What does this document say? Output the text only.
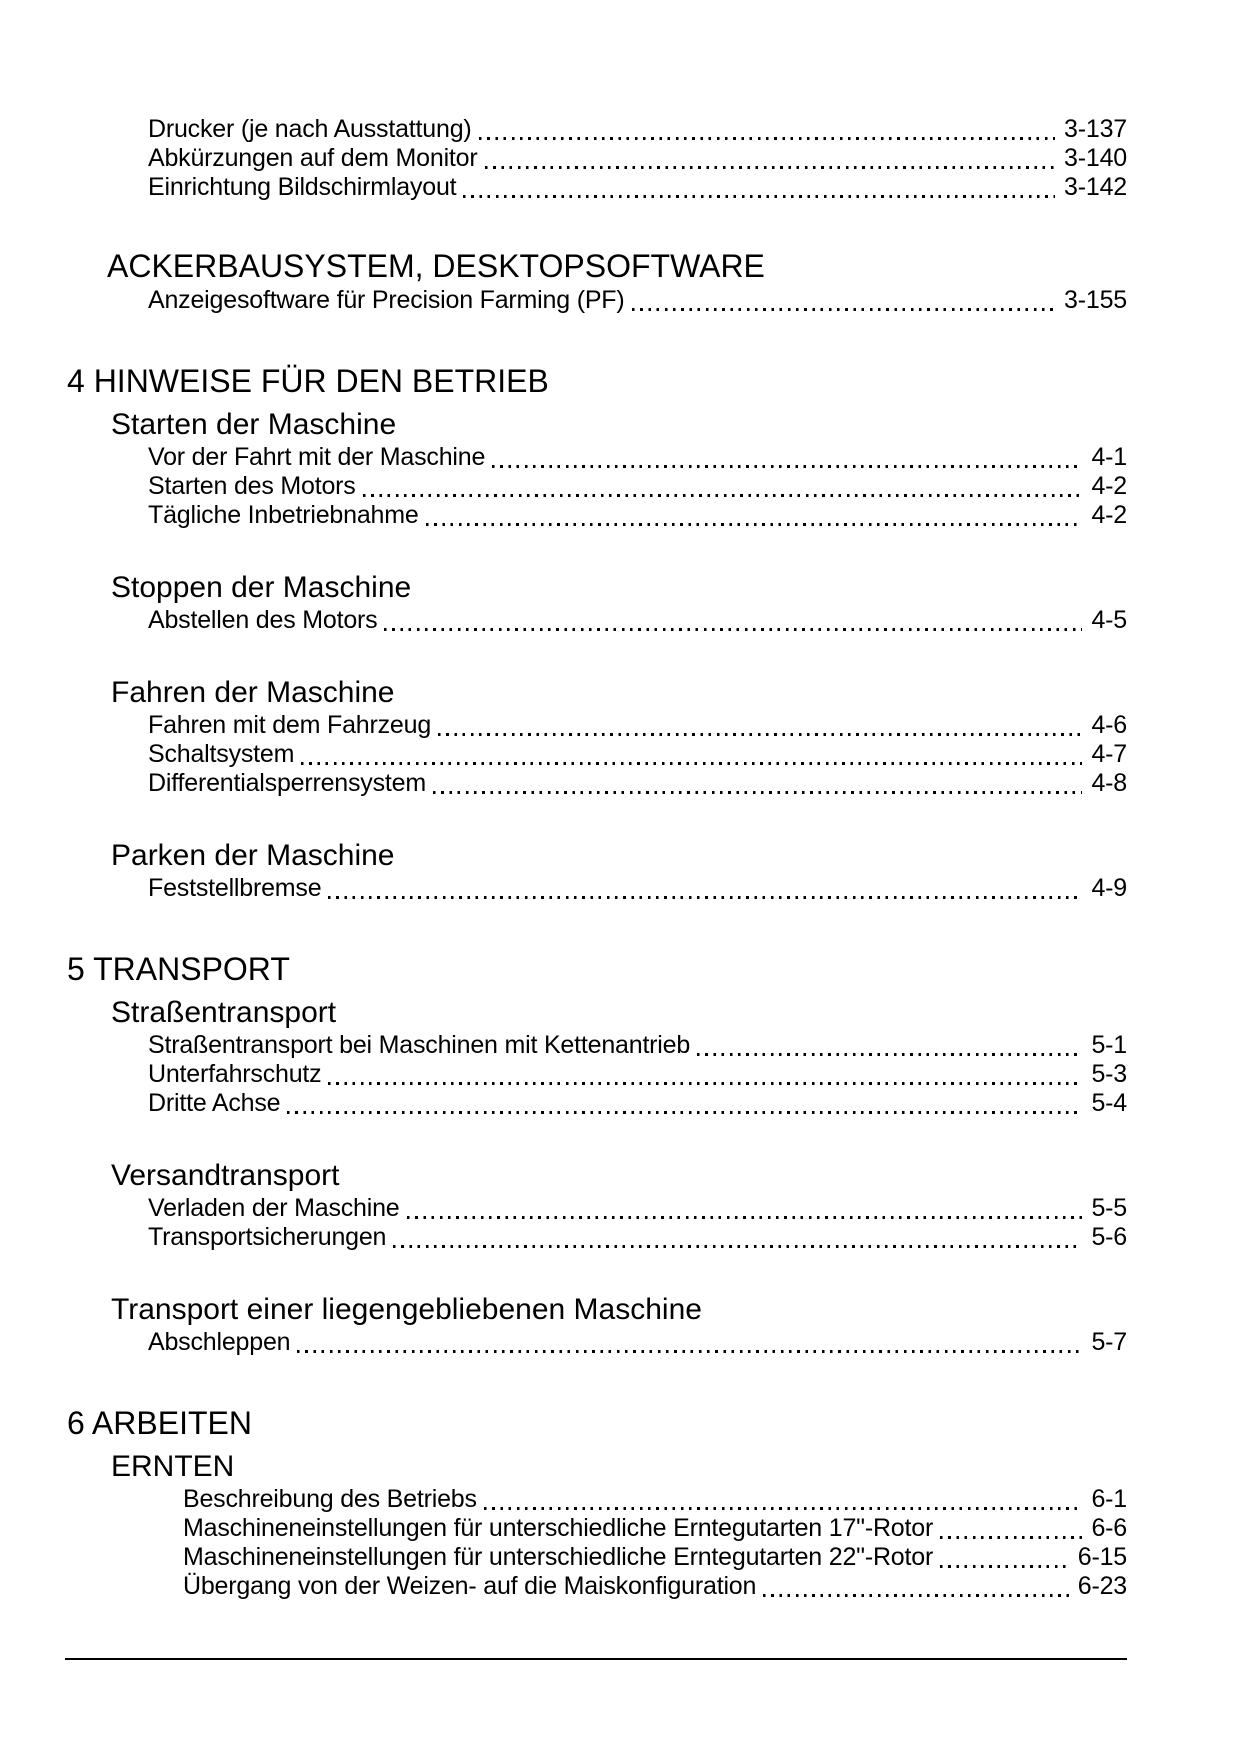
Drucker (je nach Ausstattung)	3-137
Abkürzungen auf dem Monitor	3-140
Einrichtung Bildschirmlayout	3-142
ACKERBAUSYSTEM, DESKTOPSOFTWARE
Anzeigesoftware für Precision Farming (PF)	3-155
4 HINWEISE FÜR DEN BETRIEB
Starten der Maschine
Vor der Fahrt mit der Maschine	4-1
Starten des Motors	4-2
Tägliche Inbetriebnahme	4-2
Stoppen der Maschine
Abstellen des Motors	4-5
Fahren der Maschine
Fahren mit dem Fahrzeug	4-6
Schaltsystem	4-7
Differentialsperrensystem	4-8
Parken der Maschine
Feststellbremse	4-9
5 TRANSPORT
Straßentransport
Straßentransport bei Maschinen mit Kettenantrieb	5-1
Unterfahrschutz	5-3
Dritte Achse	5-4
Versandtransport
Verladen der Maschine	5-5
Transportsicherungen	5-6
Transport einer liegengebliebenen Maschine
Abschleppen	5-7
6 ARBEITEN
ERNTEN
Beschreibung des Betriebs	6-1
Maschineneinstellungen für unterschiedliche Erntegutarten 17"-Rotor	6-6
Maschineneinstellungen für unterschiedliche Erntegutarten 22"-Rotor	6-15
Übergang von der Weizen- auf die Maiskonfiguration	6-23
